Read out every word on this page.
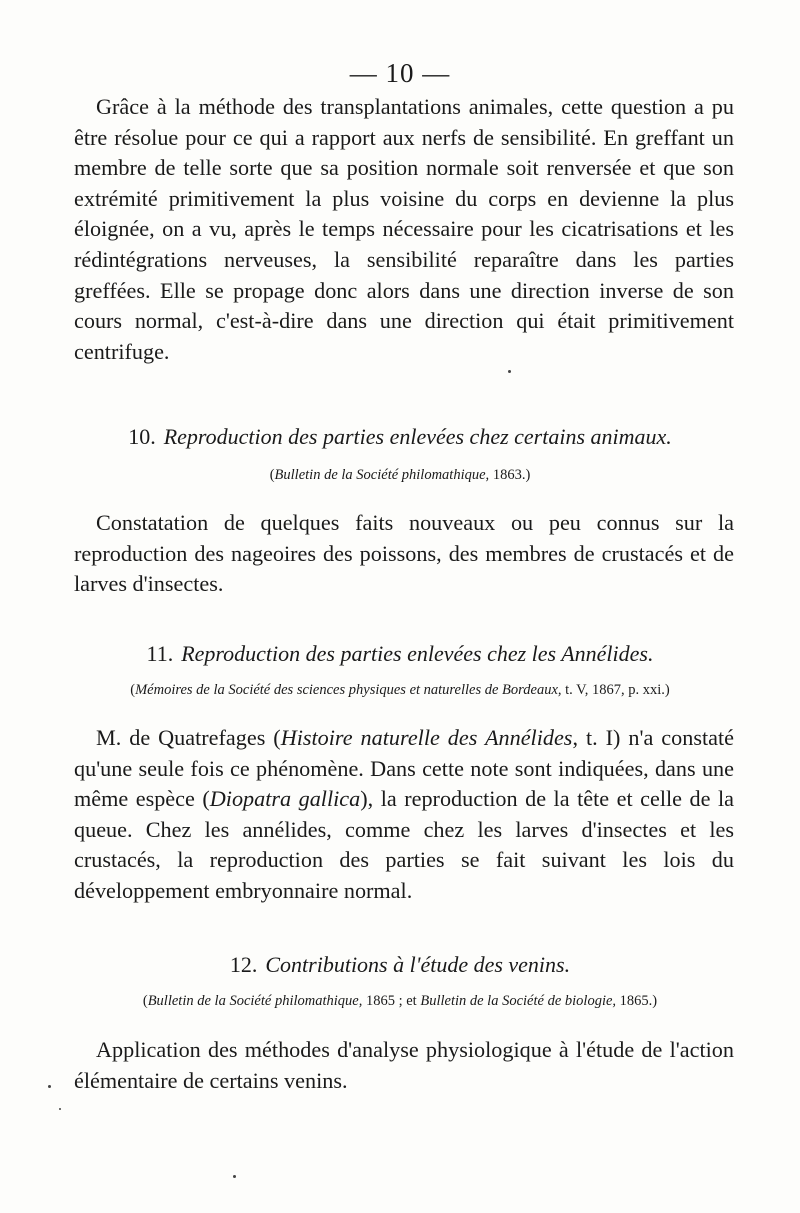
— 10 —

Grâce à la méthode des transplantations animales, cette question a pu être résolue pour ce qui a rapport aux nerfs de sensibilité. En greffant un membre de telle sorte que sa position normale soit renversée et que son extrémité primitivement la plus voisine du corps en devienne la plus éloignée, on a vu, après le temps nécessaire pour les cicatrisations et les rédintégrations nerveuses, la sensibilité reparaître dans les parties greffées. Elle se propage donc alors dans une direction inverse de son cours normal, c'est-à-dire dans une direction qui était primitivement centrifuge.

10. Reproduction des parties enlevées chez certains animaux.

(Bulletin de la Société philomathique, 1863.)

Constatation de quelques faits nouveaux ou peu connus sur la reproduction des nageoires des poissons, des membres de crustacés et de larves d'insectes.

11. Reproduction des parties enlevées chez les Annélides.

(Mémoires de la Société des sciences physiques et naturelles de Bordeaux, t. V, 1867, p. xxi.)

M. de Quatrefages (Histoire naturelle des Annélides, t. I) n'a constaté qu'une seule fois ce phénomène. Dans cette note sont indiquées, dans une même espèce (Diopatra gallica), la reproduction de la tête et celle de la queue. Chez les annélides, comme chez les larves d'insectes et les crustacés, la reproduction des parties se fait suivant les lois du développement embryonnaire normal.

12. Contributions à l'étude des venins.

(Bulletin de la Société philomathique, 1865 ; et Bulletin de la Société de biologie, 1865.)

Application des méthodes d'analyse physiologique à l'étude de l'action élémentaire de certains venins.
